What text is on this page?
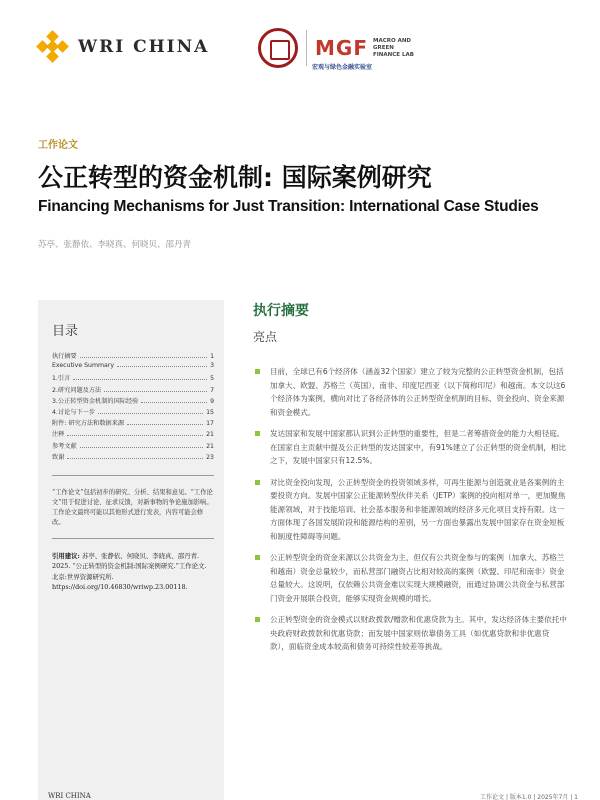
WRI CHINA	MGF MACRO AND
GREEN
FINANCE LAB
宏观与绿色金融实验室
工作论文
公正转型的资金机制: 国际案例研究
Financing Mechanisms for Just Transition: International Case Studies
苏亭、张静依、李晓真、何晓贝、邵丹青
目录
执行摘要	1
Executive Summary	3
1.引言	5
2.研究问题及方法	7
3.公正转型资金机制的国际经验	9
4.讨论与下一步	15
附件: 研究方法和数据来源	17
注释	21
参考文献	21
致谢	23
“工作论文”包括初步的研究、分析、结果和意见。“工作论文”用于促进讨论、征求反馈，对新事物的争论施加影响。工作论文最终可能以其他形式进行发表，内容可能会修改。
引用建议: 苏亭、张静依、何晓贝、李晓真、邵丹青. 2025. “公正转型的资金机制:国际案例研究.”工作论文. 北京:世界资源研究所. https://doi.org/10.46830/wriwp.23.00118.
执行摘要
亮点
目前，全球已有6个经济体（涵盖32个国家）建立了较为完整的公正转型资金机制，包括加拿大、欧盟、苏格兰（英国）、南非、印度尼西亚（以下简称印尼）和越南。本文以这6个经济体为案例，横向对比了各经济体的公正转型资金机制的目标、资金投向、资金来源和资金模式。
发达国家和发展中国家都认识到公正转型的重要性，但是二者筹措资金的能力大相径庭。在国家自主贡献中提及公正转型的发达国家中，有91%建立了公正转型的资金机制，相比之下，发展中国家只有12.5%。
对比资金投向发现，公正转型资金的投资领域多样，可再生能源与创造就业是各案例的主要投资方向。发展中国家公正能源转型伙伴关系（JETP）案例的投向相对单一，更加聚焦能源领域，对于技能培训、社会基本服务和非能源领域的经济多元化项目支持有限。这一方面体现了各国发展阶段和能源结构的差别，另一方面也暴露出发展中国家存在资金短板和制度性障碍等问题。
公正转型资金的资金来源以公共资金为主，但仅有公共资金参与的案例（加拿大、苏格兰和越南）资金总量较少，而私营部门融资占比相对较高的案例（欧盟、印尼和南非）资金总量较大。这说明，仅依赖公共资金难以实现大规模融资，而通过协调公共资金与私营部门资金开展联合投资，能够实现资金规模的增长。
公正转型资金的资金模式以财政拨款/赠款和优惠贷款为主。其中，发达经济体主要依托中央政府财政拨款和优惠贷款；而发展中国家则依靠债务工具（如优惠贷款和非优惠贷款），面临资金成本较高和债务可持续性较差等挑战。
WRI CHINA	工作论文 | 版本1.0 | 2025年7月 | 1
